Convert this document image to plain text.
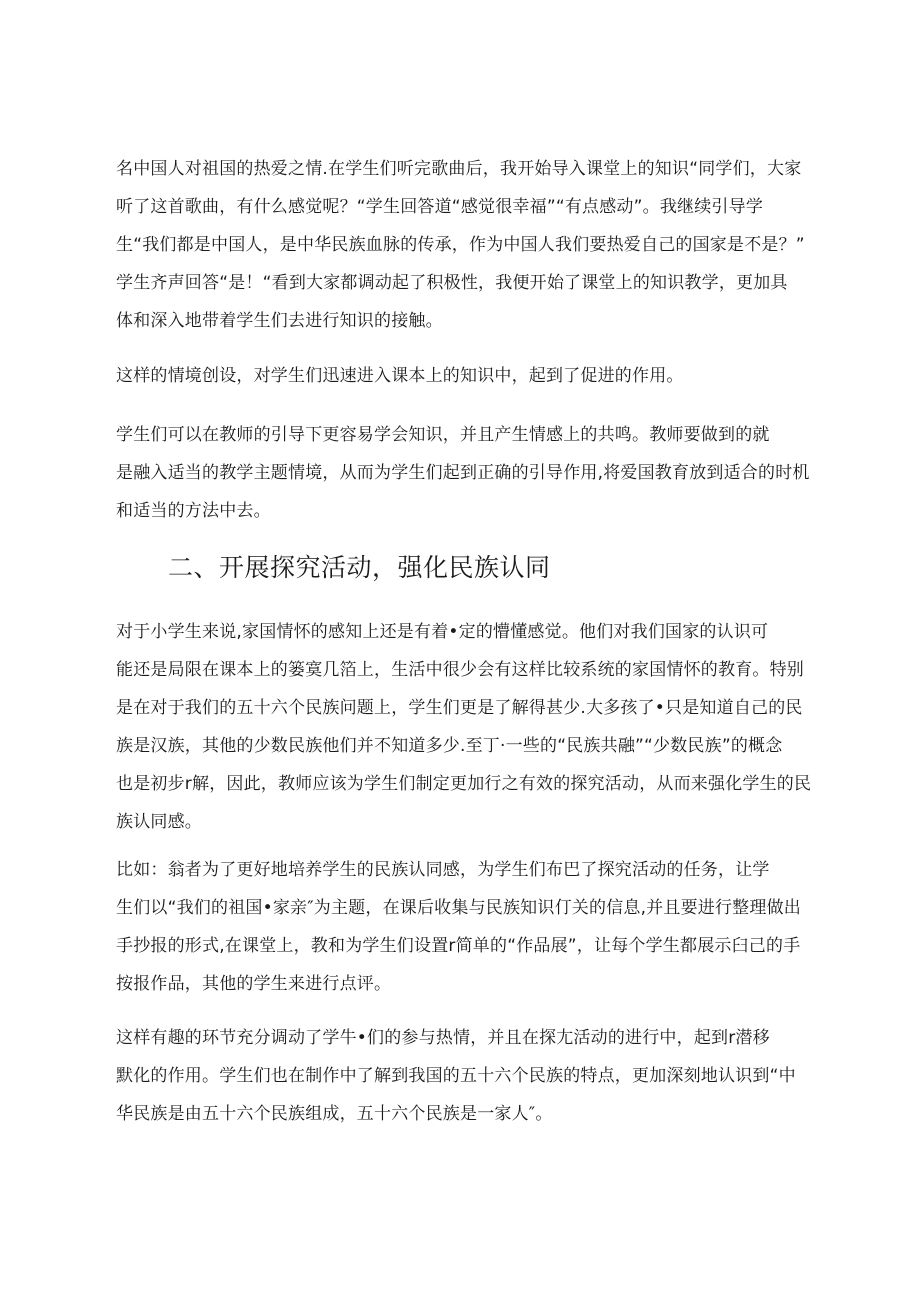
名中国人对祖国的热爱之情.在学生们听完歌曲后，我开始导入课堂上的知识“同学们，大家
听了这首歌曲，有什么感觉呢？“学生回答道“感觉很幸福”“有点感动”。我继续引导学
生“我们都是中国人，是中华民族血脉的传承，作为中国人我们要热爱自己的国家是不是？”
学生齐声回答“是！“看到大家都调动起了积极性，我便开始了课堂上的知识教学，更加具
体和深入地带着学生们去进行知识的接触。

这样的情境创设，对学生们迅速进入课本上的知识中，起到了促进的作用。

学生们可以在教师的引导下更容易学会知识，并且产生情感上的共鸣。教师要做到的就
是融入适当的教学主题情境，从而为学生们起到正确的引导作用,将爱国教育放到适合的时机
和适当的方法中去。

二、开展探究活动，强化民族认同

对于小学生来说,家国情怀的感知上还是有着•定的懵懂感觉。他们对我们国家的认识可
能还是局限在课本上的篓寞几箔上，生活中很少会有这样比较系统的家国情怀的教育。特别
是在对于我们的五十六个民族问题上，学生们更是了解得甚少.大多孩了•只是知道自己的民
族是汉族，其他的少数民族他们并不知道多少.至丁·一些的“民族共融”“少数民族”的概念
也是初步r解，因此，教师应该为学生们制定更加行之有效的探究活动，从而来强化学生的民
族认同感。

比如：翁者为了更好地培养学生的民族认同感，为学生们布巴了探究活动的任务，让学
生们以“我们的祖国•家亲″为主题，在课后收集与民族知识仃关的信息,并且要进行整理做出
手抄报的形式,在课堂上，教和为学生们设置r简单的“作品展”，让每个学生都展示臼己的手
按报作品，其他的学生来进行点评。

这样有趣的环节充分调动了学牛•们的参与热情，并且在探尢活动的进行中，起到r潜移
默化的作用。学生们也在制作中了解到我国的五十六个民族的特点，更加深刻地认识到“中
华民族是由五十六个民族组成，五十六个民族是一家人″。
